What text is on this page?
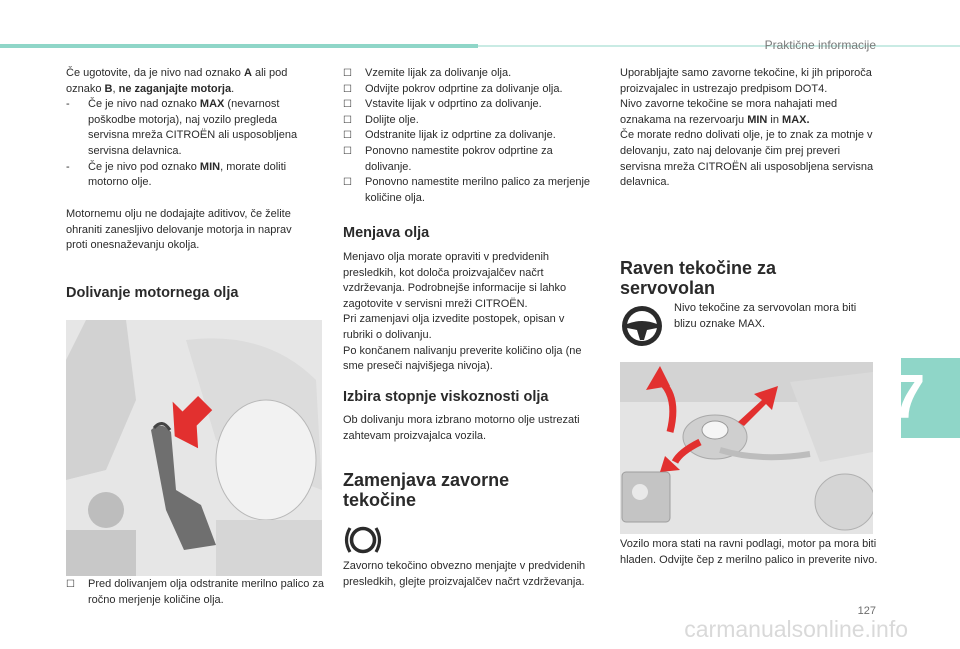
Praktične informacije

Če ugotovite, da je nivo nad oznako A ali pod oznako B, ne zaganjajte motorja.

- Če je nivo nad oznako MAX (nevarnost poškodbe motorja), naj vozilo pregleda servisna mreža CITROËN ali usposobljena servisna delavnica.

- Če je nivo pod oznako MIN, morate doliti motorno olje.

Motornemu olju ne dodajajte aditivov, če želite ohraniti zanesljivo delovanje motorja in naprav proti onesnaževanju okolja.
Dolivanje motornega olja
☐ Pred dolivanjem olja odstranite merilno palico za ročno merjenje količine olja.

☐ Vzemite lijak za dolivanje olja.

☐ Odvijte pokrov odprtine za dolivanje olja.

☐ Vstavite lijak v odprtino za dolivanje.

☐ Dolijte olje.

☐ Odstranite lijak iz odprtine za dolivanje.

☐ Ponovno namestite pokrov odprtine za dolivanje.

☐ Ponovno namestite merilno palico za merjenje količine olja.

Menjava olja

Menjavo olja morate opraviti v predvidenih presledkih, kot določa proizvajalčev načrt vzdrževanja. Podrobnejše informacije si lahko zagotovite v servisni mreži CITROËN.

Pri zamenjavi olja izvedite postopek, opisan v rubriki o dolivanju.

Po končanem nalivanju preverite količino olja (ne sme preseči najvišjega nivoja).

Izbira stopnje viskoznosti olja
Ob dolivanju mora izbrano motorno olje ustrezati zahtevam proizvajalca vozila.
Zamenjava zavorne tekočine
Zavorno tekočino obvezno menjajte v predvidenih presledkih, glejte proizvajalčev načrt vzdrževanja.

Uporabljajte samo zavorne tekočine, ki jih priporoča proizvajalec in ustrezajo predpisom DOT4.

Nivo zavorne tekočine se mora nahajati med oznakama na rezervoarju MIN in MAX.

Če morate redno dolivati olje, je to znak za motnje v delovanju, zato naj delovanje čim prej preveri servisna mreža CITROËN ali usposobljena servisna delavnica.

Raven tekočine za servovolan
Nivo tekočine za servovolan mora biti blizu oznake MAX.
Vozilo mora stati na ravni podlagi, motor pa mora biti hladen. Odvijte čep z merilno palico in preverite nivo.
7
127
carmanualsonline.info
